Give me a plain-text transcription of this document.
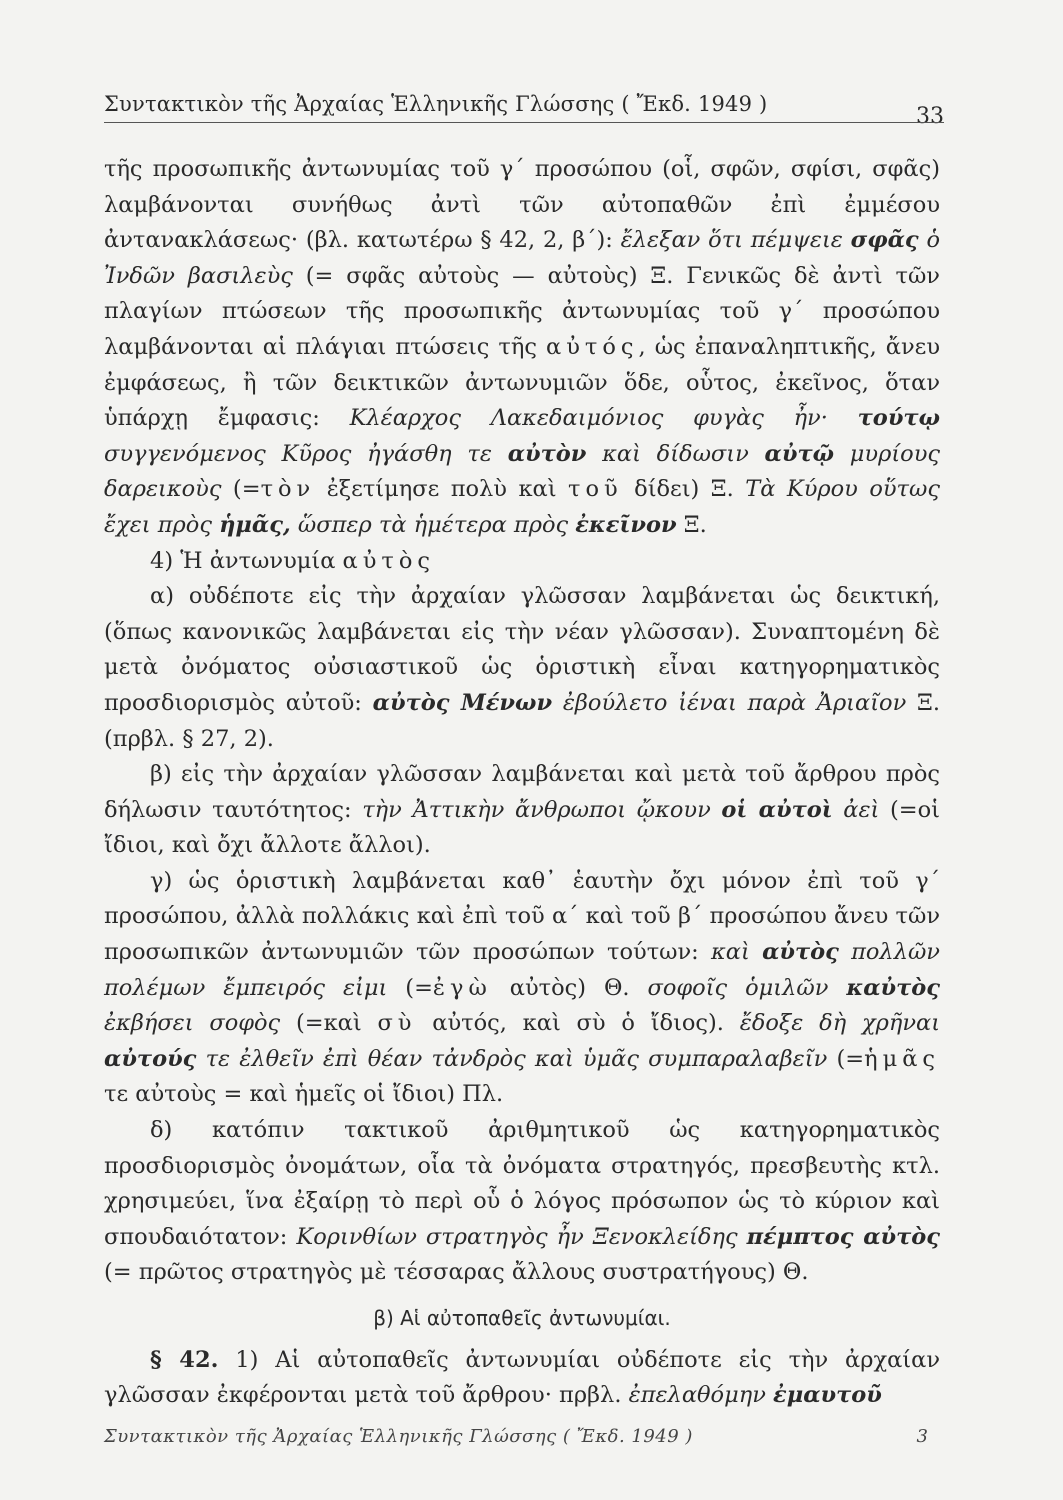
Συντακτικὸν τῆς Ἀρχαίας Ἑλληνικῆς Γλώσσης ( Ἔκδ. 1949 )	33

τῆς προσωπικῆς ἀντωνυμίας τοῦ γ΄ προσώπου (οἷ, σφῶν, σφίσι, σφᾶς) λαμβάνονται συνήθως ἀντὶ τῶν αὐτοπαθῶν ἐπὶ ἐμμέσου ἀντανακλάσεως· (βλ. κατωτέρω § 42, 2, β΄): ἔλεξαν ὅτι πέμψειε σφᾶς ὁ Ἰνδῶν βασιλεὺς (= σφᾶς αὐτοὺς — αὐτοὺς) Ξ. Γενικῶς δὲ ἀντὶ τῶν πλαγίων πτώσεων τῆς προσωπικῆς ἀντωνυμίας τοῦ γ΄ προσώπου λαμβάνονται αἱ πλάγιαι πτώσεις τῆς αὐτός, ὡς ἐπαναληπτικῆς, ἄνευ ἐμφάσεως, ἢ τῶν δεικτικῶν ἀντωνυμιῶν ὅδε, οὗτος, ἐκεῖνος, ὅταν ὑπάρχῃ ἔμφασις: Κλέαρχος Λακεδαιμόνιος φυγὰς ἦν· τούτῳ συγγενόμενος Κῦρος ἠγάσθη τε αὐτὸν καὶ δίδωσιν αὐτῷ μυρίους δαρεικοὺς (=τὸν ἐξετίμησε πολὺ καὶ τοῦ δίδει) Ξ. Τὰ Κύρου οὕτως ἔχει πρὸς ἡμᾶς, ὥσπερ τὰ ἡμέτερα πρὸς ἐκεῖνον Ξ.

4) Ἡ ἀντωνυμία αὐτὸς

α) οὐδέποτε εἰς τὴν ἀρχαίαν γλῶσσαν λαμβάνεται ὡς δεικτική, (ὅπως κανονικῶς λαμβάνεται εἰς τὴν νέαν γλῶσσαν). Συναπτομένη δὲ μετὰ ὀνόματος οὐσιαστικοῦ ὡς ὁριστικὴ εἶναι κατηγορηματικὸς προσδιορισμὸς αὐτοῦ: αὐτὸς Μένων ἐβούλετο ἰέναι παρὰ Ἀριαῖον Ξ. (πρβλ. § 27, 2).

β) εἰς τὴν ἀρχαίαν γλῶσσαν λαμβάνεται καὶ μετὰ τοῦ ἄρθρου πρὸς δήλωσιν ταυτότητος: τὴν Ἀττικὴν ἄνθρωποι ᾤκουν οἱ αὐτοὶ ἀεὶ (=οἱ ἴδιοι, καὶ ὄχι ἄλλοτε ἄλλοι).

γ) ὡς ὁριστικὴ λαμβάνεται καθ᾿ ἑαυτὴν ὄχι μόνον ἐπὶ τοῦ γ΄ προσώπου, ἀλλὰ πολλάκις καὶ ἐπὶ τοῦ α΄ καὶ τοῦ β΄ προσώπου ἄνευ τῶν προσωπικῶν ἀντωνυμιῶν τῶν προσώπων τούτων: καὶ αὐτὸς πολλῶν πολέμων ἔμπειρός εἰμι (=ἐγὼ αὐτὸς) Θ. σοφοῖς ὁμιλῶν καὐτὸς ἐκβήσει σοφὸς (=καὶ σὺ αὐτός, καὶ σὺ ὁ ἴδιος). ἔδοξε δὴ χρῆναι αὐτούς τε ἐλθεῖν ἐπὶ θέαν τἀνδρὸς καὶ ὑμᾶς συμπαραλαβεῖν (=ἡμᾶς τε αὐτοὺς = καὶ ἡμεῖς οἱ ἴδιοι) Πλ.

δ) κατόπιν τακτικοῦ ἀριθμητικοῦ ὡς κατηγορηματικὸς προσδιορισμὸς ὀνομάτων, οἷα τὰ ὀνόματα στρατηγός, πρεσβευτὴς κτλ. χρησιμεύει, ἵνα ἐξαίρῃ τὸ περὶ οὗ ὁ λόγος πρόσωπον ὡς τὸ κύριον καὶ σπουδαιότατον: Κορινθίων στρατηγὸς ἦν Ξενοκλείδης πέμπτος αὐτὸς (= πρῶτος στρατηγὸς μὲ τέσσαρας ἄλλους συστρατήγους) Θ.

β) Αἱ αὐτοπαθεῖς ἀντωνυμίαι.

§ 42. 1) Αἱ αὐτοπαθεῖς ἀντωνυμίαι οὐδέποτε εἰς τὴν ἀρχαίαν γλῶσσαν ἐκφέρονται μετὰ τοῦ ἄρθρου· πρβλ. ἐπελαθόμην ἐμαυτοῦ

Συντακτικὸν τῆς Ἀρχαίας Ἑλληνικῆς Γλώσσης ( Ἔκδ. 1949 )	3
